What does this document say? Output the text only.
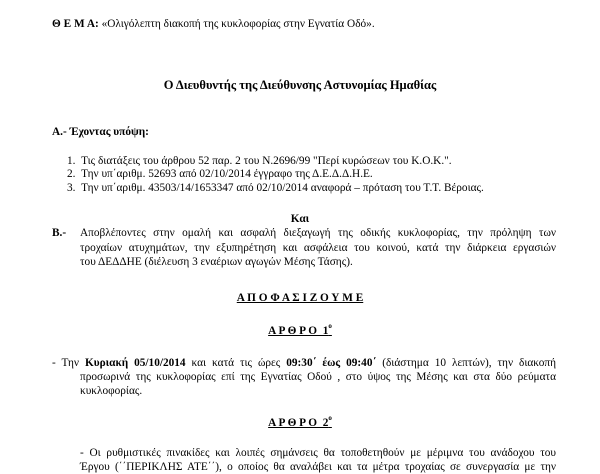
Θ Ε Μ Α: «Ολιγόλεπτη διακοπή της κυκλοφορίας στην Εγνατία Οδό».
Ο Διευθυντής της Διεύθυνσης Αστυνομίας Ημαθίας
Α.- Έχοντας υπόψη:
1.  Τις διατάξεις του άρθρου 52 παρ. 2 του Ν.2696/99 "Περί κυρώσεων του Κ.Ο.Κ.".
2.  Την υπ΄αριθμ. 52693 από 02/10/2014 έγγραφο της Δ.Ε.Δ.Δ.Η.Ε.
3.  Την υπ΄αριθμ. 43503/14/1653347 από 02/10/2014 αναφορά – πρόταση του Τ.Τ. Βέροιας.
Και
Β.- Αποβλέποντες στην ομαλή και ασφαλή διεξαγωγή της οδικής κυκλοφορίας, την πρόληψη των
τροχαίων ατυχημάτων, την εξυπηρέτηση και ασφάλεια του κοινού, κατά την διάρκεια εργασιών
του ΔΕΔΔΗΕ (διέλευση 3 εναέριων αγωγών Μέσης Τάσης).
Α Π Ο Φ Α Σ Ι Ζ Ο Υ Μ Ε
Α Ρ Θ Ρ Ο  $1^o$
- Την Κυριακή 05/10/2014 και κατά τις ώρες 09:30΄ έως 09:40΄ (διάστημα 10 λεπτών), την διακοπή
προσωρινά της κυκλοφορίας επί της Εγνατίας Οδού , στο ύψος της Μέσης και στα δύο ρεύματα
κυκλοφορίας.
Α Ρ Θ Ρ Ο  $2^o$
- Οι ρυθμιστικές πινακίδες και λοιπές σημάνσεις θα τοποθετηθούν με μέριμνα του ανάδοχου του
Έργου (΄΄ΠΕΡΙΚΛΗΣ ΑΤΕ΄΄), ο οποίος θα αναλάβει και τα μέτρα τροχαίας σε συνεργασία με την
